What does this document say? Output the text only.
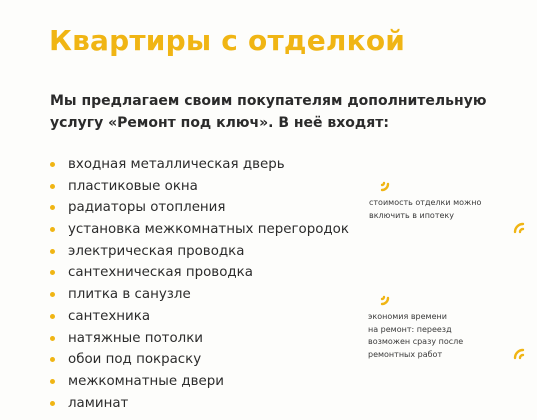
Квартиры с отделкой

Мы предлагаем своим покупателям дополнительную
услугу «Ремонт под ключ». В неё входят:

входная металлическая дверь
пластиковые окна
радиаторы отопления
установка межкомнатных перегородок
электрическая проводка
сантехническая проводка
плитка в санузле
сантехника
натяжные потолки
обои под покраску
межкомнатные двери
ламинат
стоимость отделки можно
включить в ипотеку
экономия времени
на ремонт: переезд
возможен сразу после
ремонтных работ
